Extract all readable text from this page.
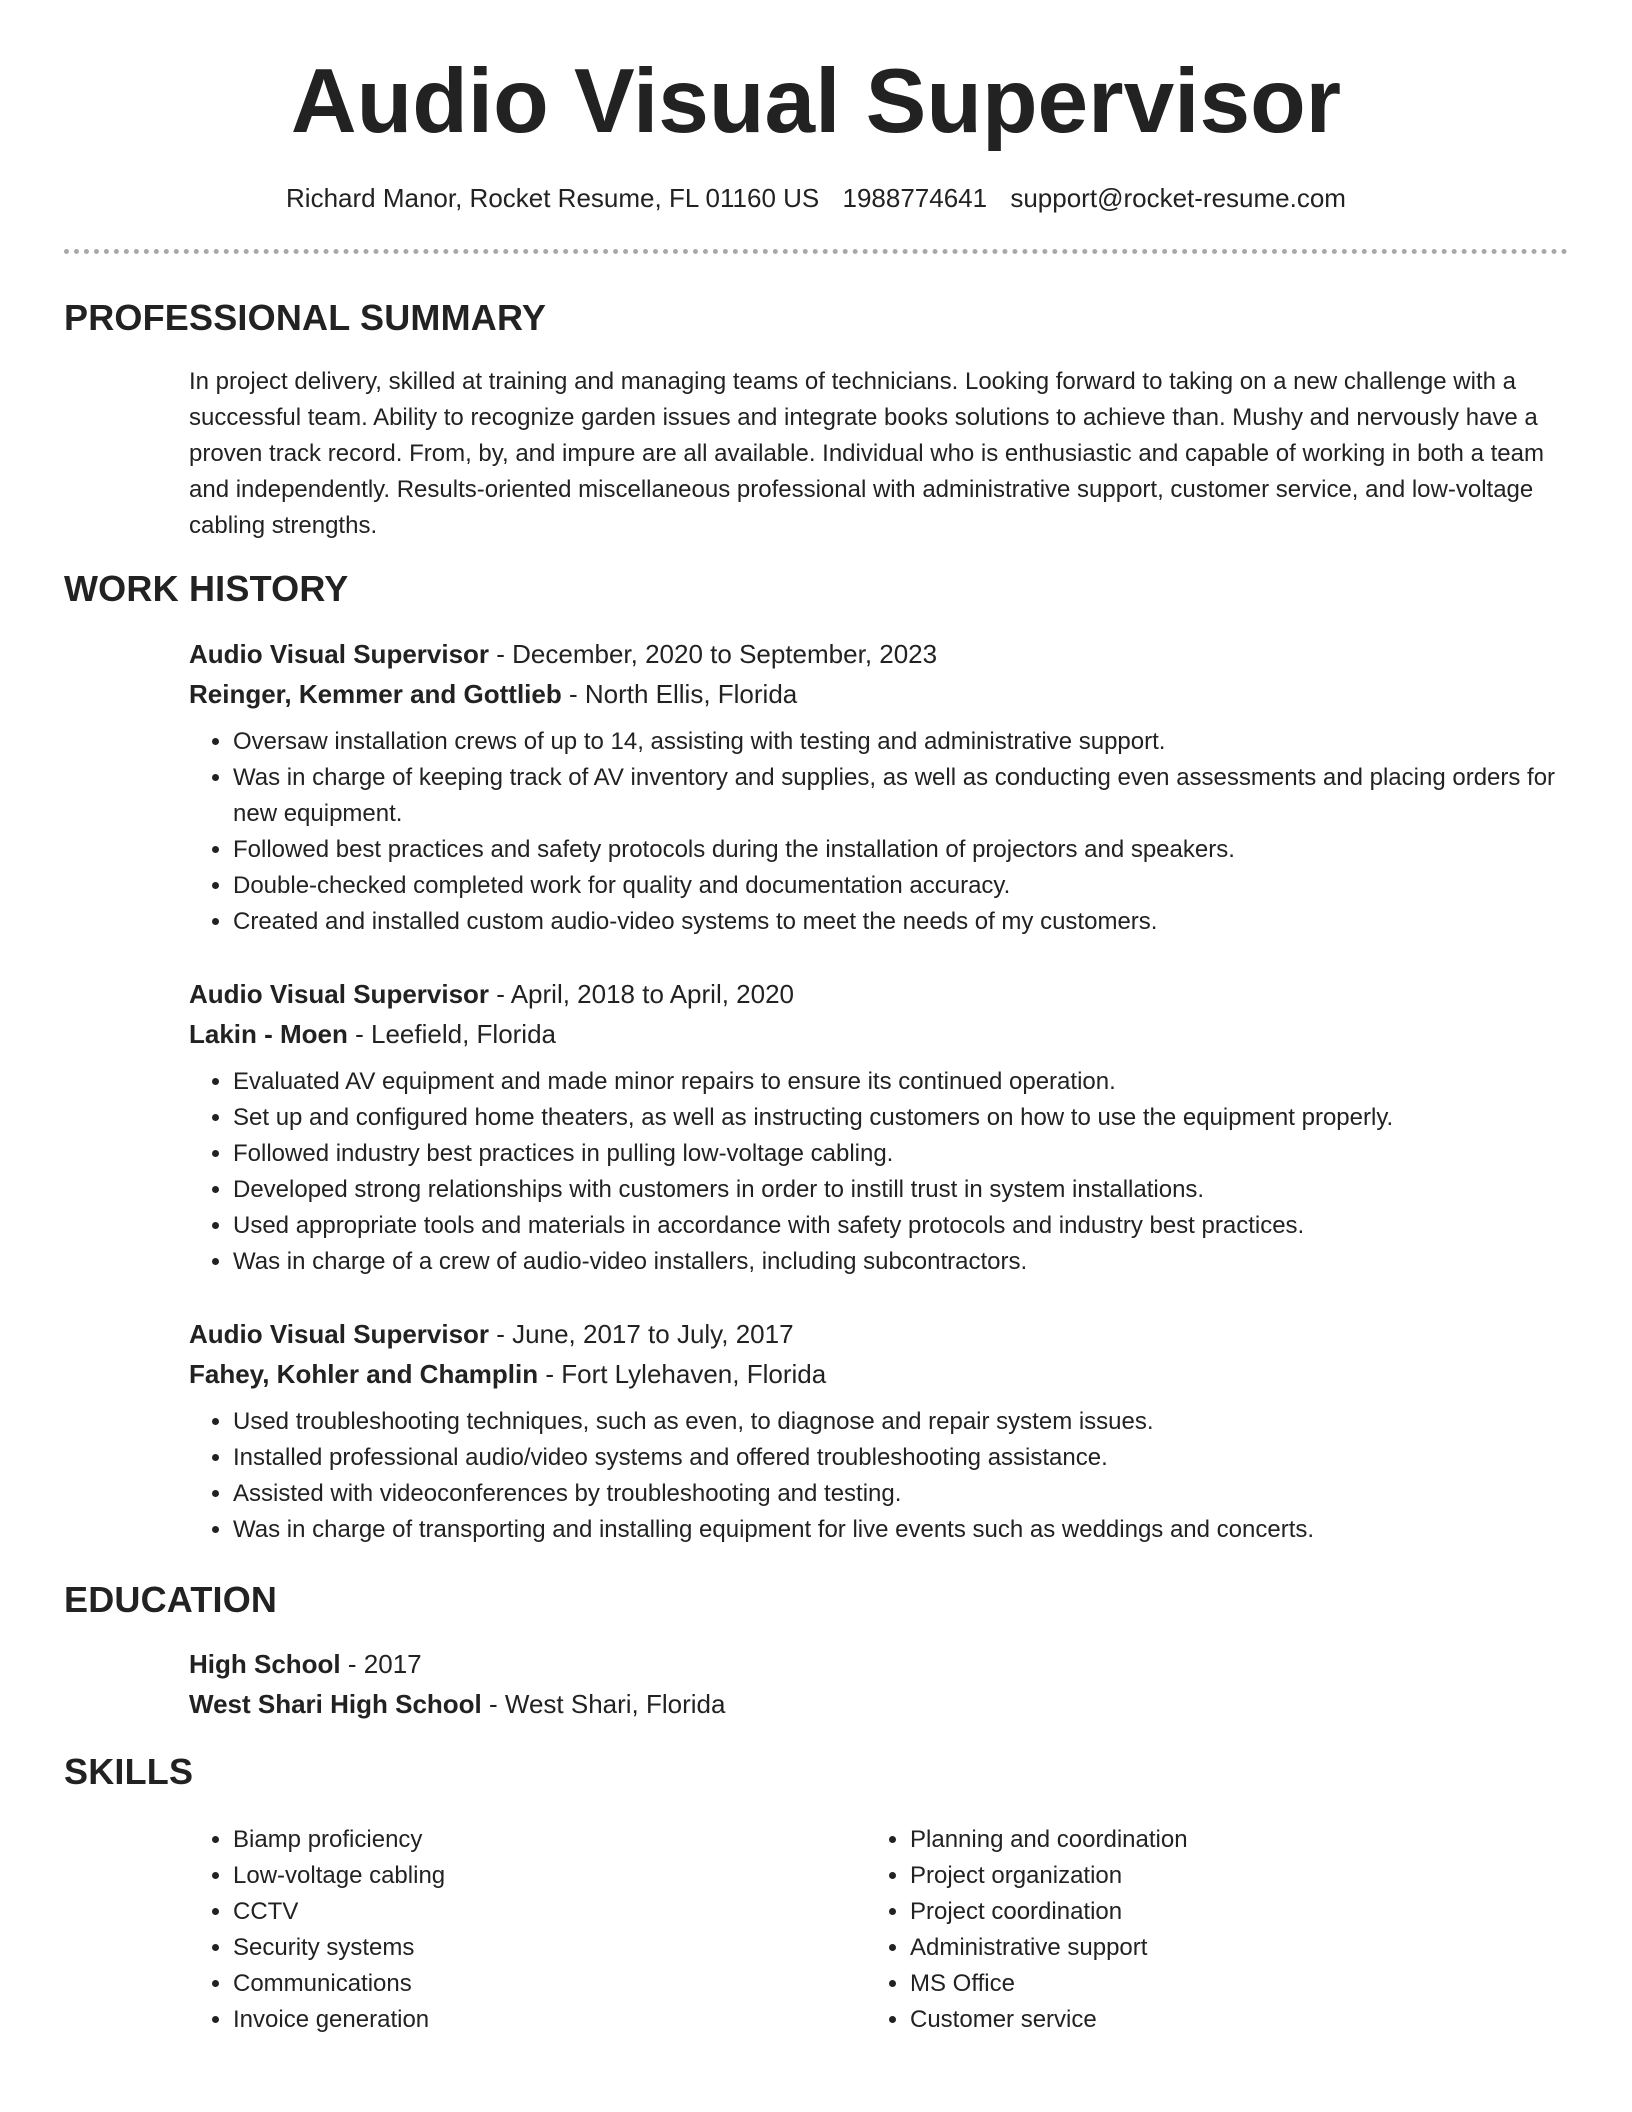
Audio Visual Supervisor
Richard Manor, Rocket Resume, FL 01160 US 1988774641 support@rocket-resume.com
PROFESSIONAL SUMMARY

In project delivery, skilled at training and managing teams of technicians. Looking forward to taking on a new challenge with a successful team. Ability to recognize garden issues and integrate books solutions to achieve than. Mushy and nervously have a proven track record. From, by, and impure are all available. Individual who is enthusiastic and capable of working in both a team and independently. Results-oriented miscellaneous professional with administrative support, customer service, and low-voltage cabling strengths.

WORK HISTORY

Audio Visual Supervisor - December, 2020 to September, 2023

Reinger, Kemmer and Gottlieb - North Ellis, Florida

• Oversaw installation crews of up to 14, assisting with testing and administrative support.
• Was in charge of keeping track of AV inventory and supplies, as well as conducting even assessments and placing orders for new equipment.
• Followed best practices and safety protocols during the installation of projectors and speakers.
• Double-checked completed work for quality and documentation accuracy.
• Created and installed custom audio-video systems to meet the needs of my customers.

Audio Visual Supervisor - April, 2018 to April, 2020

Lakin - Moen - Leefield, Florida

• Evaluated AV equipment and made minor repairs to ensure its continued operation.
• Set up and configured home theaters, as well as instructing customers on how to use the equipment properly.
• Followed industry best practices in pulling low-voltage cabling.
• Developed strong relationships with customers in order to instill trust in system installations.
• Used appropriate tools and materials in accordance with safety protocols and industry best practices.
• Was in charge of a crew of audio-video installers, including subcontractors.

Audio Visual Supervisor - June, 2017 to July, 2017

Fahey, Kohler and Champlin - Fort Lylehaven, Florida

• Used troubleshooting techniques, such as even, to diagnose and repair system issues.
• Installed professional audio/video systems and offered troubleshooting assistance.
• Assisted with videoconferences by troubleshooting and testing.
• Was in charge of transporting and installing equipment for live events such as weddings and concerts.
EDUCATION

High School - 2017

West Shari High School - West Shari, Florida

SKILLS
• Biamp proficiency
• Low-voltage cabling
• CCTV
• Security systems
• Communications
• Invoice generation
• Planning and coordination
• Project organization
• Project coordination
• Administrative support
• MS Office
• Customer service
